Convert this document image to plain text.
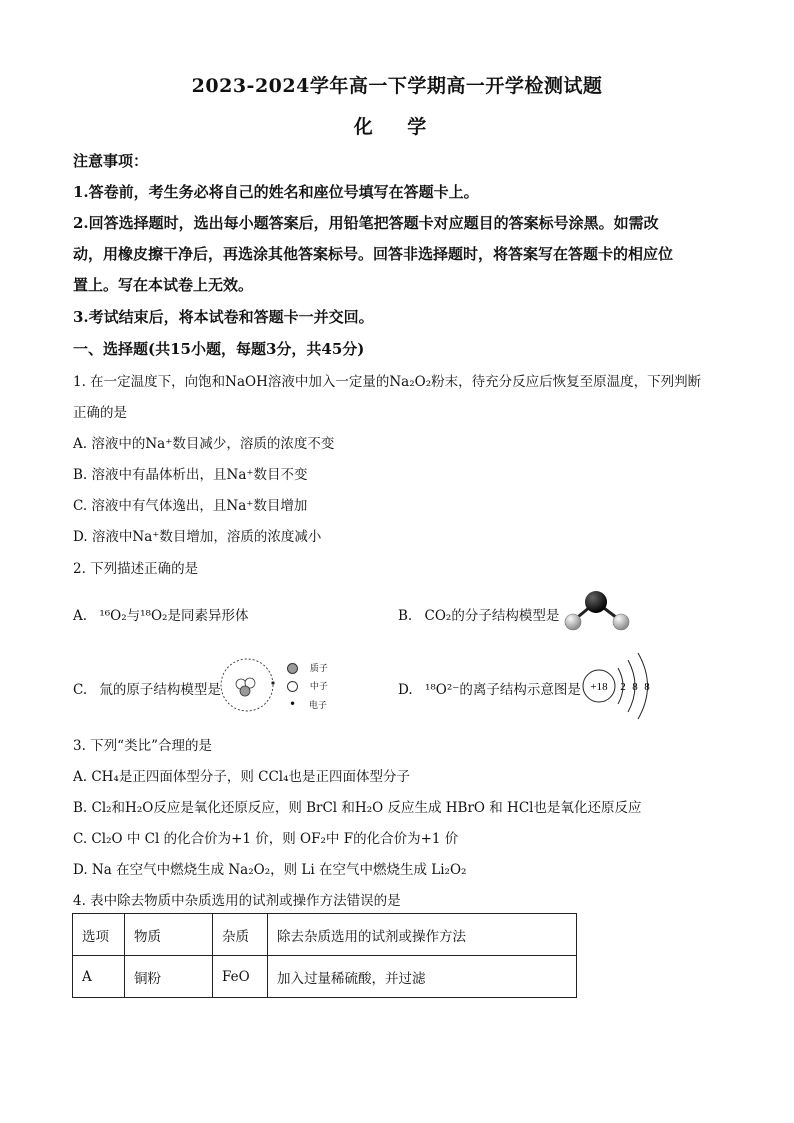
2023-2024学年高一下学期高一开学检测试题
化 学
注意事项：
1.答卷前，考生务必将自己的姓名和座位号填写在答题卡上。
2.回答选择题时，选出每小题答案后，用铅笔把答题卡对应题目的答案标号涂黑。如需改
动，用橡皮擦干净后，再选涂其他答案标号。回答非选择题时，将答案写在答题卡的相应位
置上。写在本试卷上无效。
3.考试结束后，将本试卷和答题卡一并交回。
一、选择题(共15小题，每题3分，共45分)
1. 在一定温度下，向饱和NaOH溶液中加入一定量的Na₂O₂粉末，待充分反应后恢复至原温度，下列判断
正确的是
A. 溶液中的Na⁺数目减少，溶质的浓度不变
B. 溶液中有晶体析出，且Na⁺数目不变
C. 溶液中有气体逸出，且Na⁺数目增加
D. 溶液中Na⁺数目增加，溶质的浓度减小
2. 下列描述正确的是
A. ¹⁶O₂与¹⁸O₂是同素异形体	B. CO₂的分子结构模型是
C. 氚的原子结构模型是
质子
中子
• 电子
D. ¹⁸O²⁻的离子结构示意图是 +18 2 8 8
3. 下列“类比”合理的是
A. CH₄是正四面体型分子，则 CCl₄也是正四面体型分子
B. Cl₂和H₂O反应是氧化还原反应，则 BrCl 和H₂O 反应生成 HBrO 和 HCl也是氧化还原反应
C. Cl₂O 中 Cl 的化合价为+1 价，则 OF₂中 F的化合价为+1 价
D. Na 在空气中燃烧生成 Na₂O₂，则 Li 在空气中燃烧生成 Li₂O₂
4. 表中除去物质中杂质选用的试剂或操作方法错误的是
选项	物质	杂质	除去杂质选用的试剂或操作方法
A	铜粉	FeO	加入过量稀硫酸，并过滤
